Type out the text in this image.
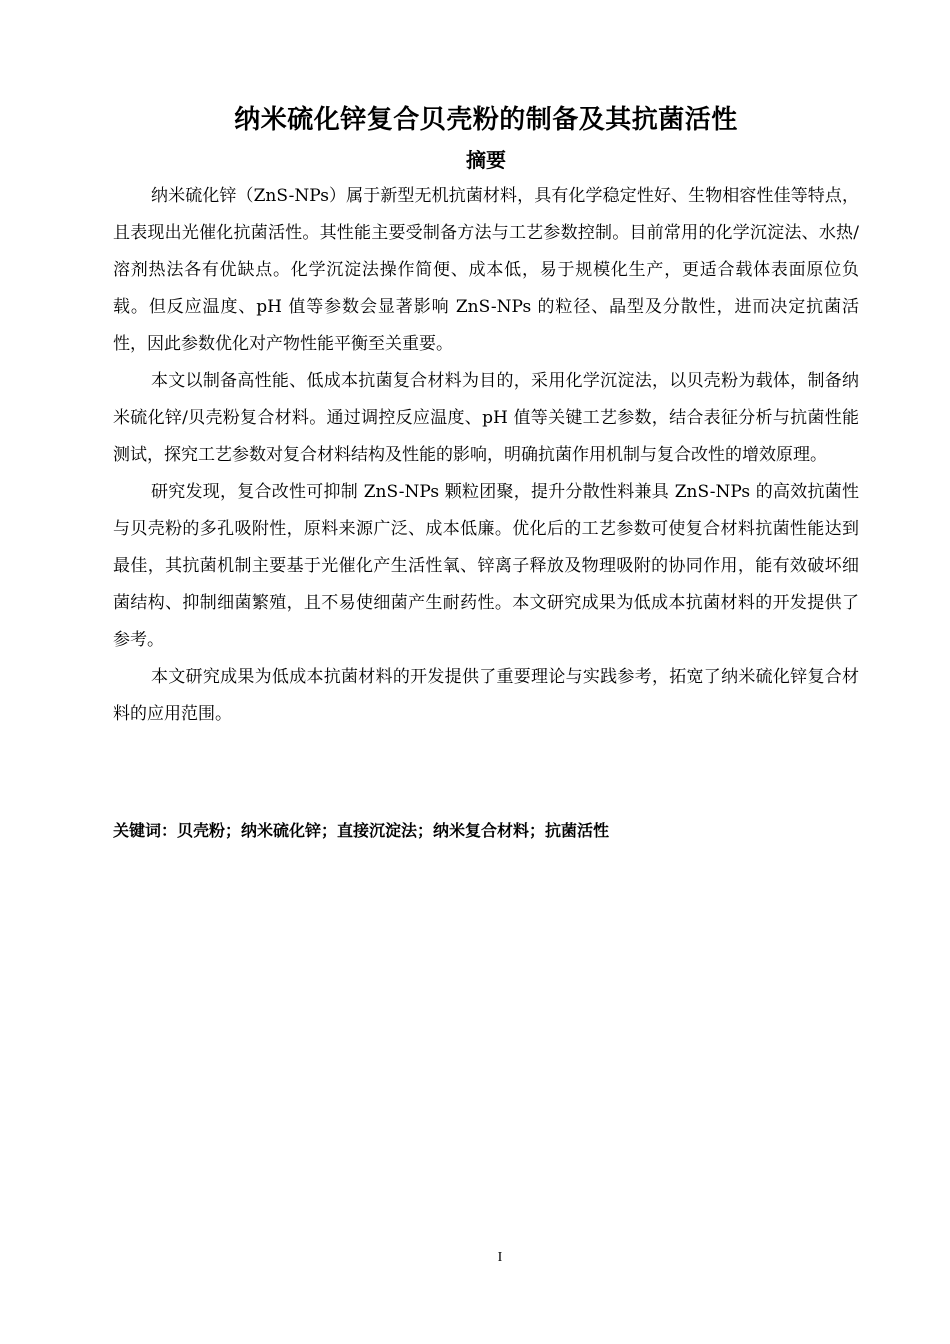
纳米硫化锌复合贝壳粉的制备及其抗菌活性
摘要

纳米硫化锌（ZnS-NPs）属于新型无机抗菌材料，具有化学稳定性好、生物相容性佳等特点，且表现出光催化抗菌活性。其性能主要受制备方法与工艺参数控制。目前常用的化学沉淀法、水热/溶剂热法各有优缺点。化学沉淀法操作简便、成本低，易于规模化生产，更适合载体表面原位负载。但反应温度、pH 值等参数会显著影响 ZnS-NPs 的粒径、晶型及分散性，进而决定抗菌活性，因此参数优化对产物性能平衡至关重要。

本文以制备高性能、低成本抗菌复合材料为目的，采用化学沉淀法，以贝壳粉为载体，制备纳米硫化锌/贝壳粉复合材料。通过调控反应温度、pH 值等关键工艺参数，结合表征分析与抗菌性能测试，探究工艺参数对复合材料结构及性能的影响，明确抗菌作用机制与复合改性的增效原理。

研究发现，复合改性可抑制 ZnS-NPs 颗粒团聚，提升分散性料兼具 ZnS-NPs 的高效抗菌性与贝壳粉的多孔吸附性，原料来源广泛、成本低廉。优化后的工艺参数可使复合材料抗菌性能达到最佳，其抗菌机制主要基于光催化产生活性氧、锌离子释放及物理吸附的协同作用，能有效破坏细菌结构、抑制细菌繁殖，且不易使细菌产生耐药性。本文研究成果为低成本抗菌材料的开发提供了参考。

本文研究成果为低成本抗菌材料的开发提供了重要理论与实践参考，拓宽了纳米硫化锌复合材料的应用范围。

关键词：贝壳粉；纳米硫化锌；直接沉淀法；纳米复合材料；抗菌活性
I
